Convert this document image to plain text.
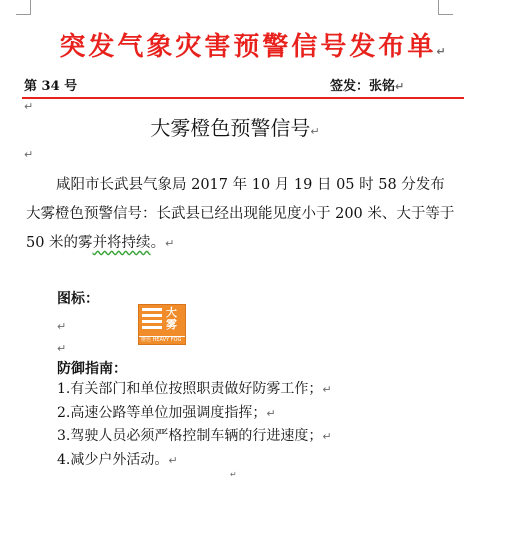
突发气象灾害预警信号发布单↵
第 34 号	签发：张铭↵
↵
大雾橙色预警信号↵
↵
咸阳市长武县气象局 2017 年 10 月 19 日 05 时 58 分发布大雾橙色预警信号：长武县已经出现能见度小于 200 米、大于等于 50 米的雾并将持续。↵
图标：
↵
大雾
橙色 HEAVY FOG
↵
防御指南：
1.有关部门和单位按照职责做好防雾工作；↵
2.高速公路等单位加强调度指挥；↵
3.驾驶人员必须严格控制车辆的行进速度；↵
4.减少户外活动。↵
↵
